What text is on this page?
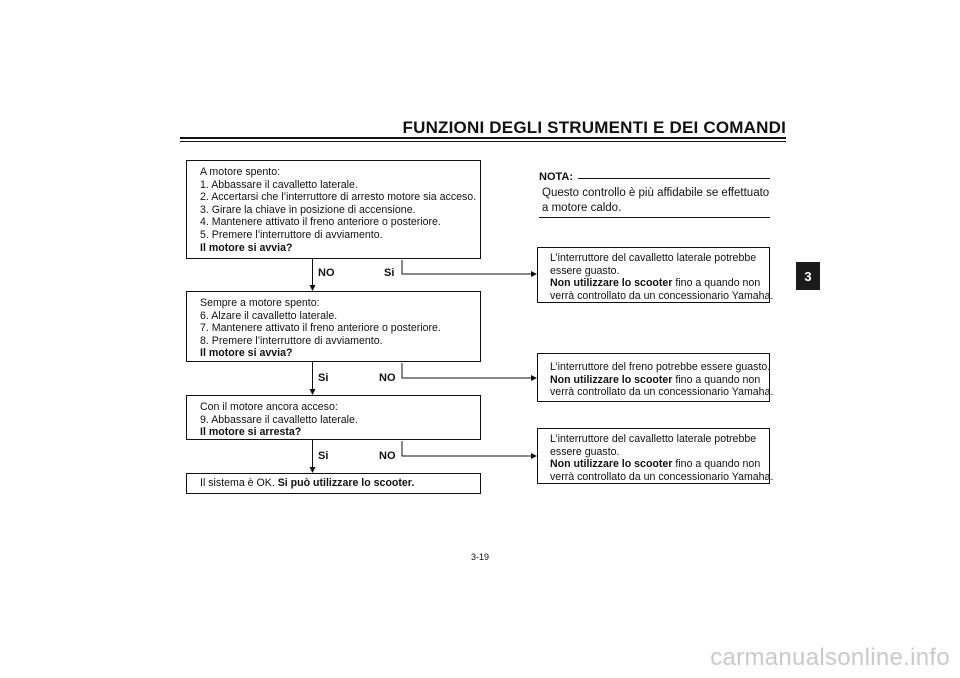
FUNZIONI DEGLI STRUMENTI E DEI COMANDI
3
A motore spento:
1. Abbassare il cavalletto laterale.
2. Accertarsi che l’interruttore di arresto motore sia acceso.
3. Girare la chiave in posizione di accensione.
4. Mantenere attivato il freno anteriore o posteriore.
5. Premere l’interruttore di avviamento.
Il motore si avvia?
NO	Si
Sempre a motore spento:
6. Alzare il cavalletto laterale.
7. Mantenere attivato il freno anteriore o posteriore.
8. Premere l’interruttore di avviamento.
Il motore si avvia?
Si	NO
Con il motore ancora acceso:
9. Abbassare il cavalletto laterale.
Il motore si arresta?
Si	NO
Il sistema è OK. Si può utilizzare lo scooter.
NOTA:
Questo controllo è più affidabile se effettuato a motore caldo.
L’interruttore del cavalletto laterale potrebbe
essere guasto.
Non utilizzare lo scooter fino a quando non
verrà controllato da un concessionario Yamaha.
L’interruttore del freno potrebbe essere guasto.
Non utilizzare lo scooter fino a quando non
verrà controllato da un concessionario Yamaha.
L’interruttore del cavalletto laterale potrebbe
essere guasto.
Non utilizzare lo scooter fino a quando non
verrà controllato da un concessionario Yamaha.
3-19
carmanualsonline.info
